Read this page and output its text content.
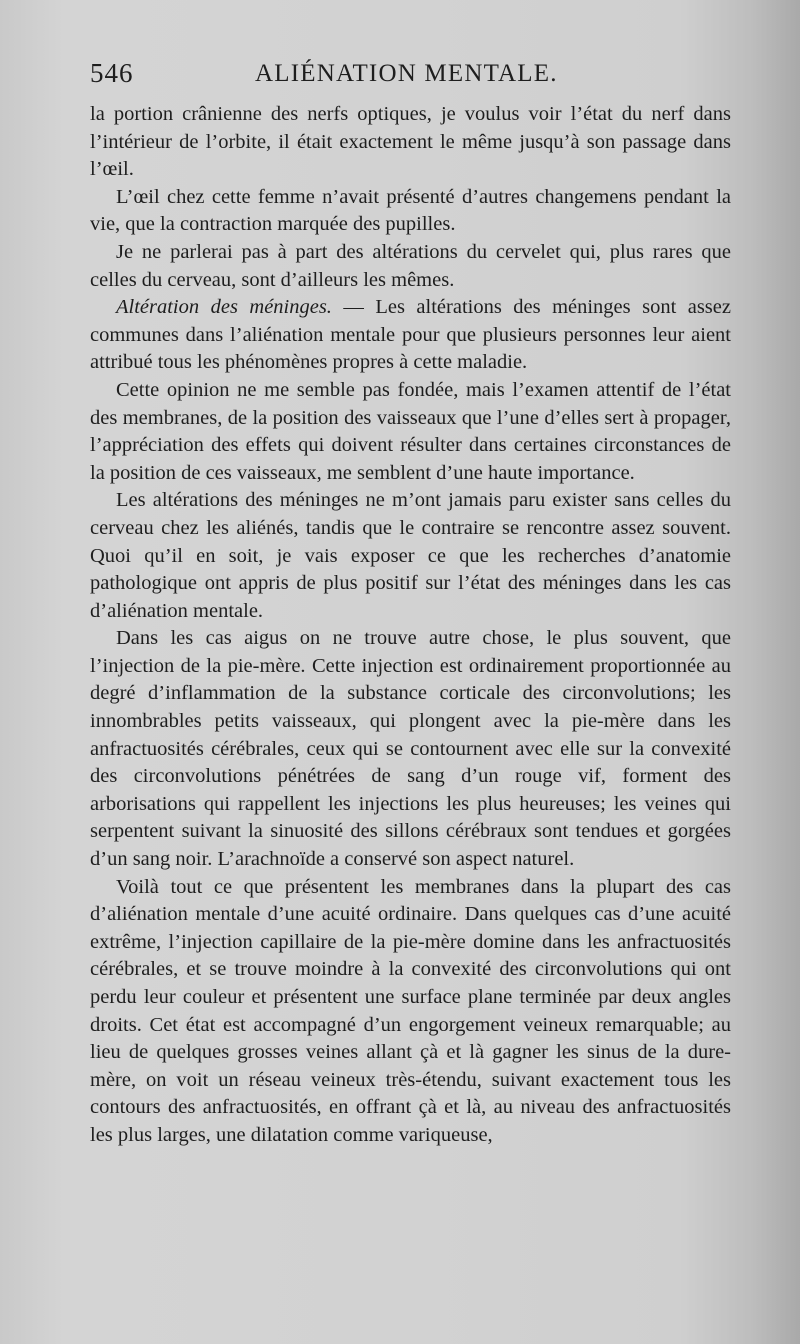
546	ALIÉNATION MENTALE.

la portion crânienne des nerfs optiques, je voulus voir l’état du nerf dans l’intérieur de l’orbite, il était exactement le même jusqu’à son passage dans l’œil.

L’œil chez cette femme n’avait présenté d’autres changemens pendant la vie, que la contraction marquée des pupilles.

Je ne parlerai pas à part des altérations du cervelet qui, plus rares que celles du cerveau, sont d’ailleurs les mêmes.

Altération des méninges. — Les altérations des méninges sont assez communes dans l’aliénation mentale pour que plusieurs personnes leur aient attribué tous les phénomènes propres à cette maladie.

Cette opinion ne me semble pas fondée, mais l’examen attentif de l’état des membranes, de la position des vaisseaux que l’une d’elles sert à propager, l’appréciation des effets qui doivent résulter dans certaines circonstances de la position de ces vaisseaux, me semblent d’une haute importance.

Les altérations des méninges ne m’ont jamais paru exister sans celles du cerveau chez les aliénés, tandis que le contraire se rencontre assez souvent. Quoi qu’il en soit, je vais exposer ce que les recherches d’anatomie pathologique ont appris de plus positif sur l’état des méninges dans les cas d’aliénation mentale.

Dans les cas aigus on ne trouve autre chose, le plus souvent, que l’injection de la pie-mère. Cette injection est ordinairement proportionnée au degré d’inflammation de la substance corticale des circonvolutions; les innombrables petits vaisseaux, qui plongent avec la pie-mère dans les anfractuosités cérébrales, ceux qui se contournent avec elle sur la convexité des circonvolutions pénétrées de sang d’un rouge vif, forment des arborisations qui rappellent les injections les plus heureuses; les veines qui serpentent suivant la sinuosité des sillons cérébraux sont tendues et gorgées d’un sang noir. L’arachnoïde a conservé son aspect naturel.

Voilà tout ce que présentent les membranes dans la plupart des cas d’aliénation mentale d’une acuité ordinaire. Dans quelques cas d’une acuité extrême, l’injection capillaire de la pie-mère domine dans les anfractuosités cérébrales, et se trouve moindre à la convexité des circonvolutions qui ont perdu leur couleur et présentent une surface plane terminée par deux angles droits. Cet état est accompagné d’un engorgement veineux remarquable; au lieu de quelques grosses veines allant çà et là gagner les sinus de la dure-mère, on voit un réseau veineux très-étendu, suivant exactement tous les contours des anfractuosités, en offrant çà et là, au niveau des anfractuosités les plus larges, une dilatation comme variqueuse,
